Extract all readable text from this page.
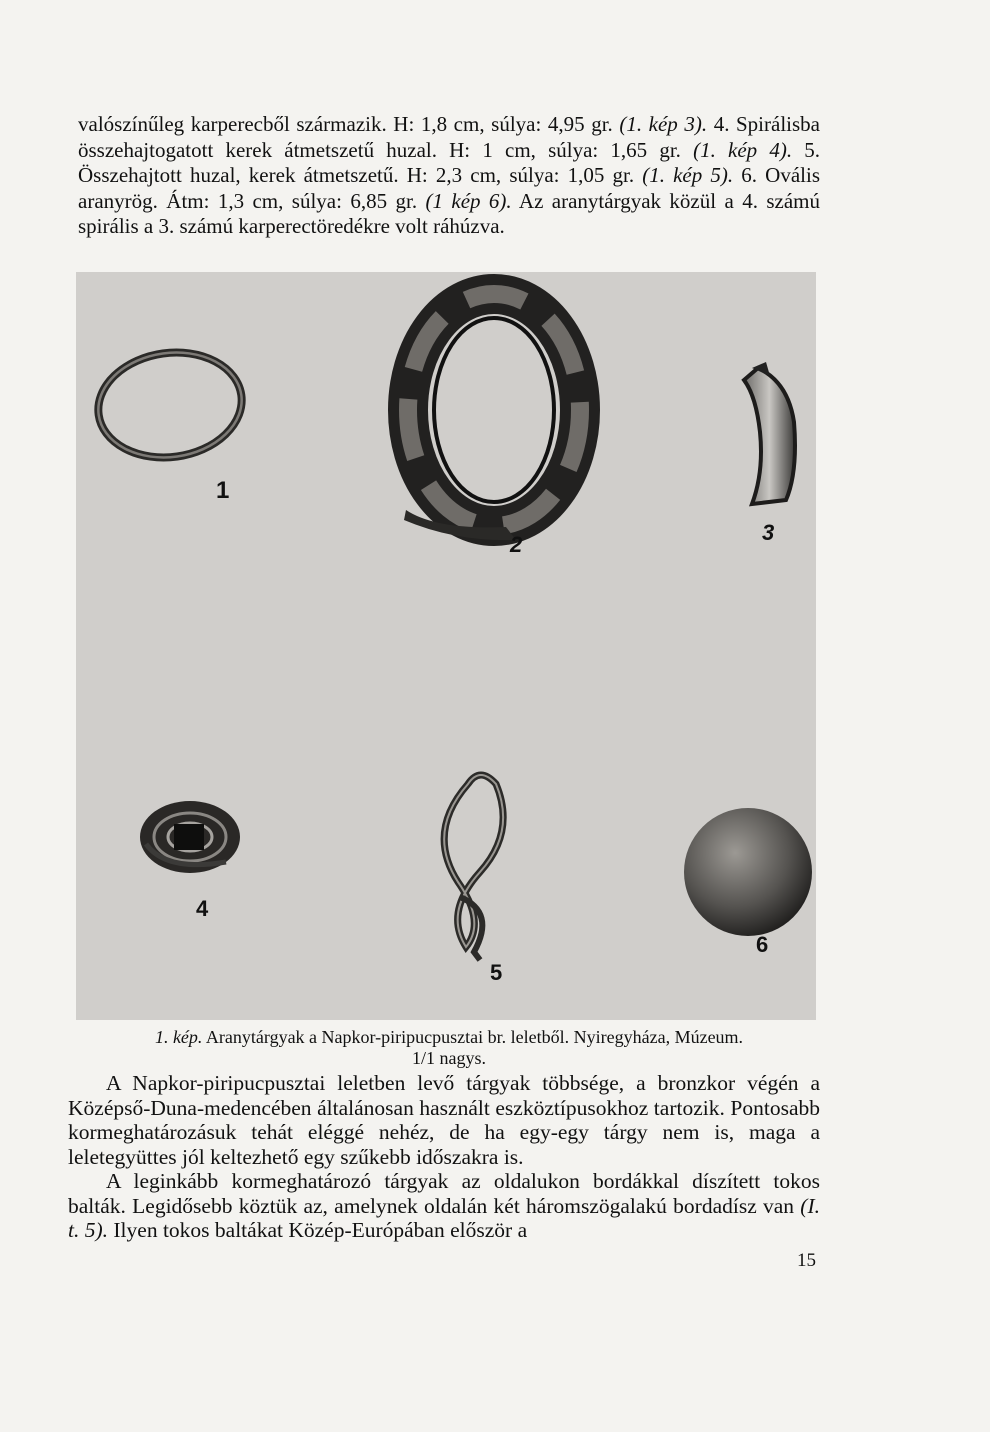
valószínűleg karperecből származik. H: 1,8 cm, súlya: 4,95 gr. (1. kép 3). 4. Spirálisba összehajtogatott kerek átmetszetű huzal. H: 1 cm, súlya: 1,65 gr. (1. kép 4). 5. Összehajtott huzal, kerek átmetszetű. H: 2,3 cm, súlya: 1,05 gr. (1. kép 5). 6. Ovális aranyrög. Átm: 1,3 cm, súlya: 6,85 gr. (1 kép 6). Az aranytárgyak közül a 4. számú spirális a 3. számú karperectöredékre volt ráhúzva.

1
2	3
4
5
6
1. kép. Aranytárgyak a Napkor-piripucpusztai br. leletből. Nyiregyháza, Múzeum.
1/1 nagys.

A Napkor-piripucpusztai leletben levő tárgyak többsége, a bronzkor végén a Középső-Duna-medencében általánosan használt eszköztípusokhoz tartozik. Pontosabb kormeghatározásuk tehát eléggé nehéz, de ha egy-egy tárgy nem is, maga a leletegyüttes jól keltezhető egy szűkebb időszakra is.

A leginkább kormeghatározó tárgyak az oldalukon bordákkal díszített tokos balták. Legidősebb köztük az, amelynek oldalán két háromszögalakú bordadísz van (I. t. 5). Ilyen tokos baltákat Közép-Európában először a

15
